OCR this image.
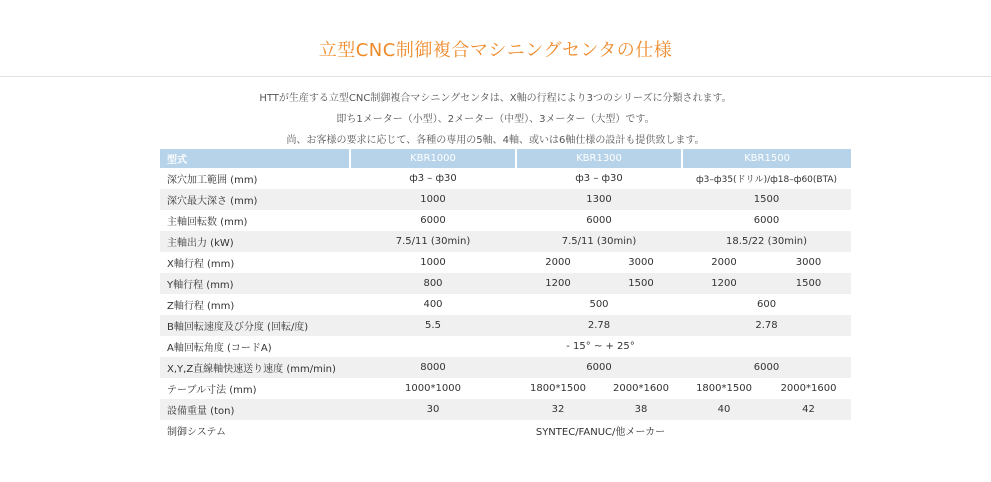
立型CNC制御複合マシニングセンタの仕様
HTTが生産する立型CNC制御複合マシニングセンタは、X軸の行程により3つのシリーズに分類されます。
即ち1メーター（小型）、2メーター（中型）、3メーター（大型）です。
尚、お客様の要求に応じて、各種の専用の5軸、4軸、或いは6軸仕様の設計も提供致します。
型式	KBR1000	KBR1300		KBR1500	
深穴加工範囲 (mm)	ф3 – ф30	ф3 – ф30		ф3–ф35(ドリル)/ф18–ф60(BTA)	
深穴最大深さ (mm)	1000	1300		1500	
主軸回転数 (mm)	6000	6000		6000	
主軸出力 (kW)	7.5/11 (30min)	7.5/11 (30min)		18.5/22 (30min)	
X軸行程 (mm)	1000	2000	3000	2000	3000
Y軸行程 (mm)	800	1200	1500	1200	1500
Z軸行程 (mm)	400	500		600	
B軸回転速度及び分度 (回転/度)	5.5	2.78		2.78	
A軸回転角度 (コードA)	- 15° ~ + 25°				
X,Y,Z直線軸快速送り速度 (mm/min)	8000	6000		6000	
テーブル寸法 (mm)	1000*1000	1800*1500	2000*1600	1800*1500	2000*1600
設備重量 (ton)	30	32	38	40	42
制御システム	SYNTEC/FANUC/他メーカー				
